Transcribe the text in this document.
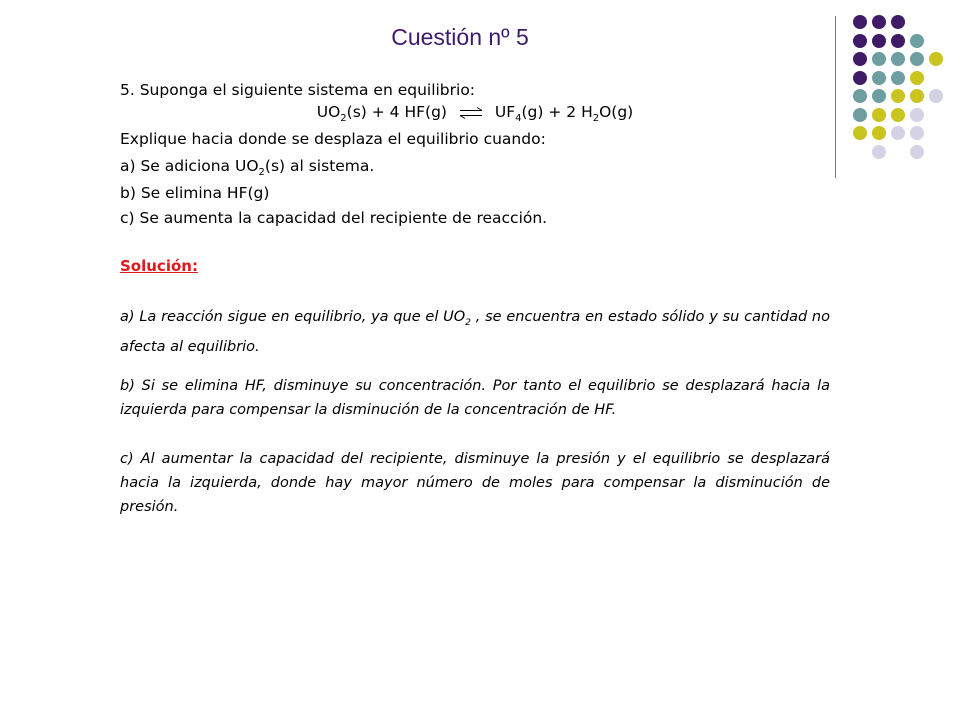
Cuestión nº 5
5. Suponga el siguiente sistema en equilibrio:
$UO_2(s) + 4$ HF(g) ⇌ $UF_4(g) + 2$ $H_2O(g)$
Explique hacia donde se desplaza el equilibrio cuando:
a) Se adiciona $UO_2(s)$ al sistema.
b) Se elimina HF(g)
c) Se aumenta la capacidad del recipiente de reacción.
Solución:
a) La reacción sigue en equilibrio, ya que el $UO_2$ , se encuentra en estado sólido y su cantidad no afecta al equilibrio.
b) Si se elimina HF, disminuye su concentración. Por tanto el equilibrio se desplazará hacia la izquierda para compensar la disminución de la concentración de HF.
c) Al aumentar la capacidad del recipiente, disminuye la presión y el equilibrio se desplazará hacia la izquierda, donde hay mayor número de moles para compensar la disminución de presión.
